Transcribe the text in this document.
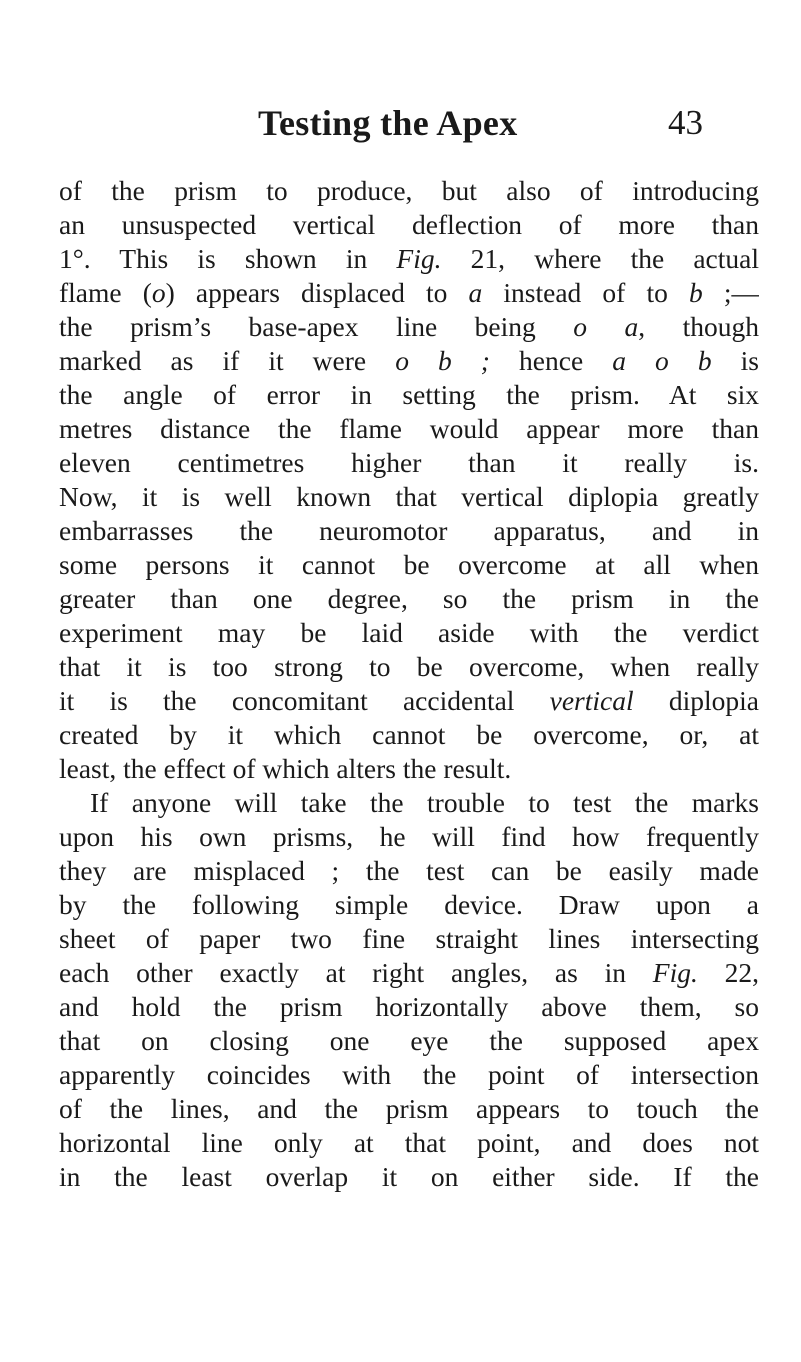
Testing the Apex	43
of the prism to produce, but also of introducing
an unsuspected vertical deflection of more than
1°. This is shown in Fig. 21, where the actual
flame (o) appears displaced to a instead of to b ;—
the prism’s base-apex line being o a, though
marked as if it were o b ; hence a o b is
the angle of error in setting the prism. At six
metres distance the flame would appear more than
eleven centimetres higher than it really is.
Now, it is well known that vertical diplopia greatly
embarrasses the neuromotor apparatus, and in
some persons it cannot be overcome at all when
greater than one degree, so the prism in the
experiment may be laid aside with the verdict
that it is too strong to be overcome, when really
it is the concomitant accidental vertical diplopia
created by it which cannot be overcome, or, at
least, the effect of which alters the result.
If anyone will take the trouble to test the marks
upon his own prisms, he will find how frequently
they are misplaced ; the test can be easily made
by the following simple device. Draw upon a
sheet of paper two fine straight lines intersecting
each other exactly at right angles, as in Fig. 22,
and hold the prism horizontally above them, so
that on closing one eye the supposed apex
apparently coincides with the point of intersection
of the lines, and the prism appears to touch the
horizontal line only at that point, and does not
in the least overlap it on either side. If the
